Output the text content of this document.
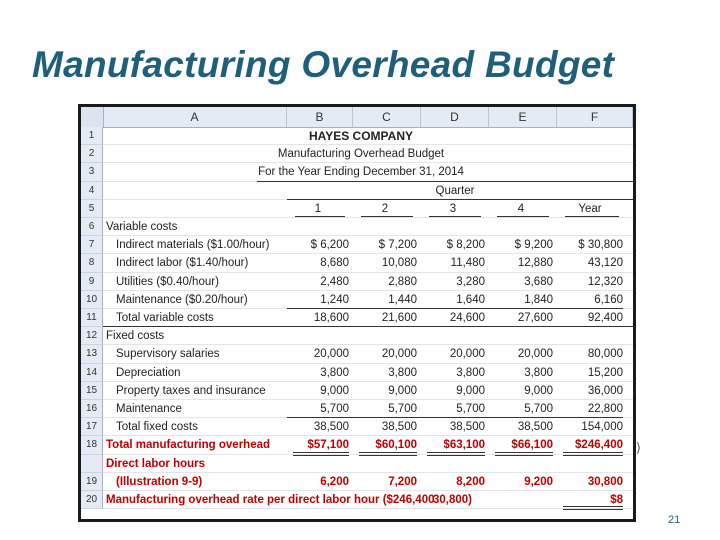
Manufacturing Overhead Budget
A	B	C	D	E	F
1
2
3
4
5
6
7
8
9
10
11
12
13
14
15
16
17
18
19
20
HAYES COMPANY
Manufacturing Overhead Budget
For the Year Ending December 31, 2014
Quarter
1	2	3	4	Year
Variable costs
Indirect materials ($1.00/hour)	$ 6,200	$ 7,200	$ 8,200	$ 9,200	$ 30,800
Indirect labor ($1.40/hour)	8,680	10,080	11,480	12,880	43,120
Utilities ($0.40/hour)	2,480	2,880	3,280	3,680	12,320
Maintenance ($0.20/hour)	1,240	1,440	1,640	1,840	6,160
Total variable costs	18,600	21,600	24,600	27,600	92,400
Fixed costs
Supervisory salaries	20,000	20,000	20,000	20,000	80,000
Depreciation	3,800	3,800	3,800	3,800	15,200
Property taxes and insurance	9,000	9,000	9,000	9,000	36,000
Maintenance	5,700	5,700	5,700	5,700	22,800
Total fixed costs	38,500	38,500	38,500	38,500	154,000
Total manufacturing overhead	$57,100	$60,100	$63,100	$66,100	$246,400
Direct labor hours
(Illustration 9-9)	6,200	7,200	8,200	9,200	30,800
Manufacturing overhead rate per direct labor hour ($246,400
30,800)	$8
⟩
21
